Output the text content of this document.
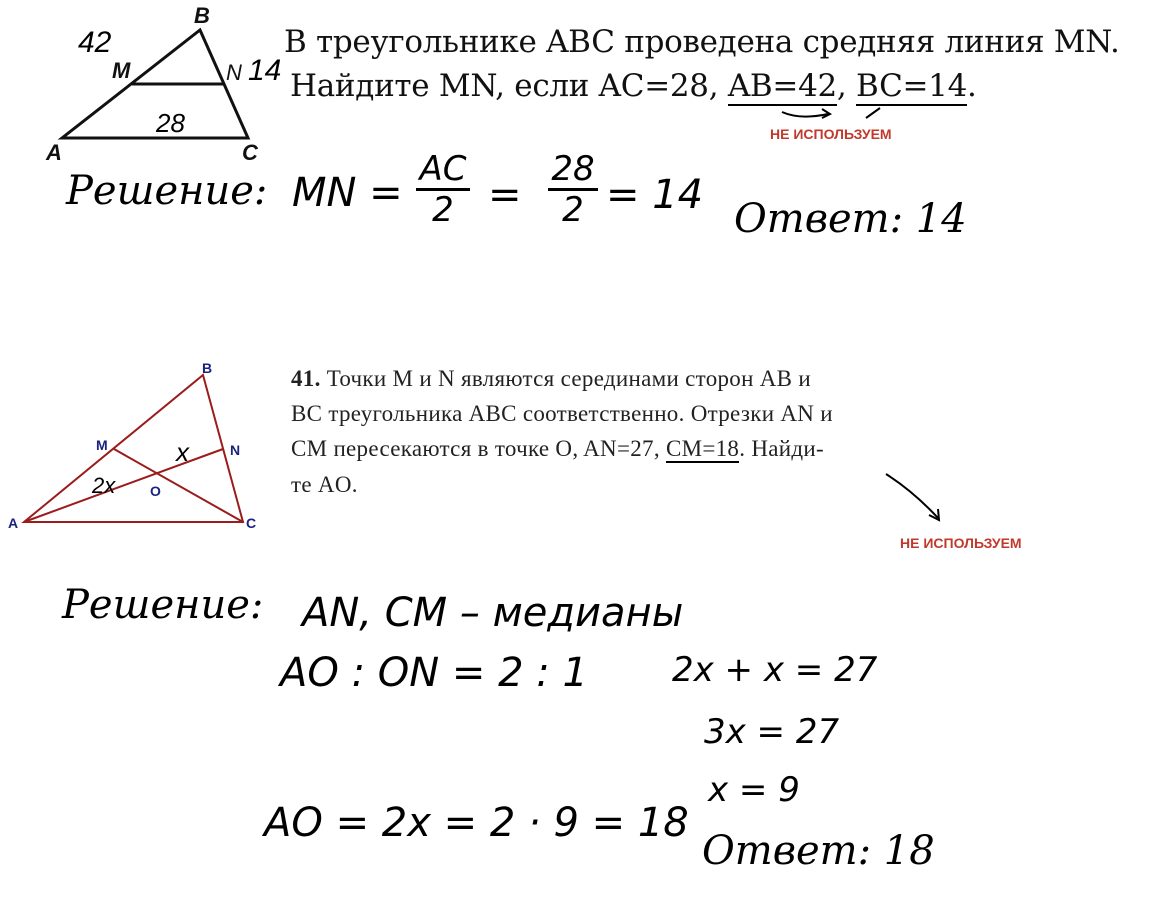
B
A	C
M	N
42
14
28
В треугольнике ABC проведена средняя линия MN.
Найдите MN, если AC=28, AB=42, BC=14.
НЕ ИСПОЛЬЗУЕМ
Решение: MN =
AC
2 =
28
2 = 14
Ответ: 14
B
M	N
O
A	C
x
2x
41. Точки M и N являются серединами сторон AB и
BC треугольника ABC соответственно. Отрезки AN и
CM пересекаются в точке O, AN=27, CM=18. Найди-
те AO.
НЕ ИСПОЛЬЗУЕМ
Решение: AN, CM – медианы
AO : ON = 2 : 1 2x + x = 27
3x = 27
x = 9
AO = 2x = 2 · 9 = 18
Ответ: 18
